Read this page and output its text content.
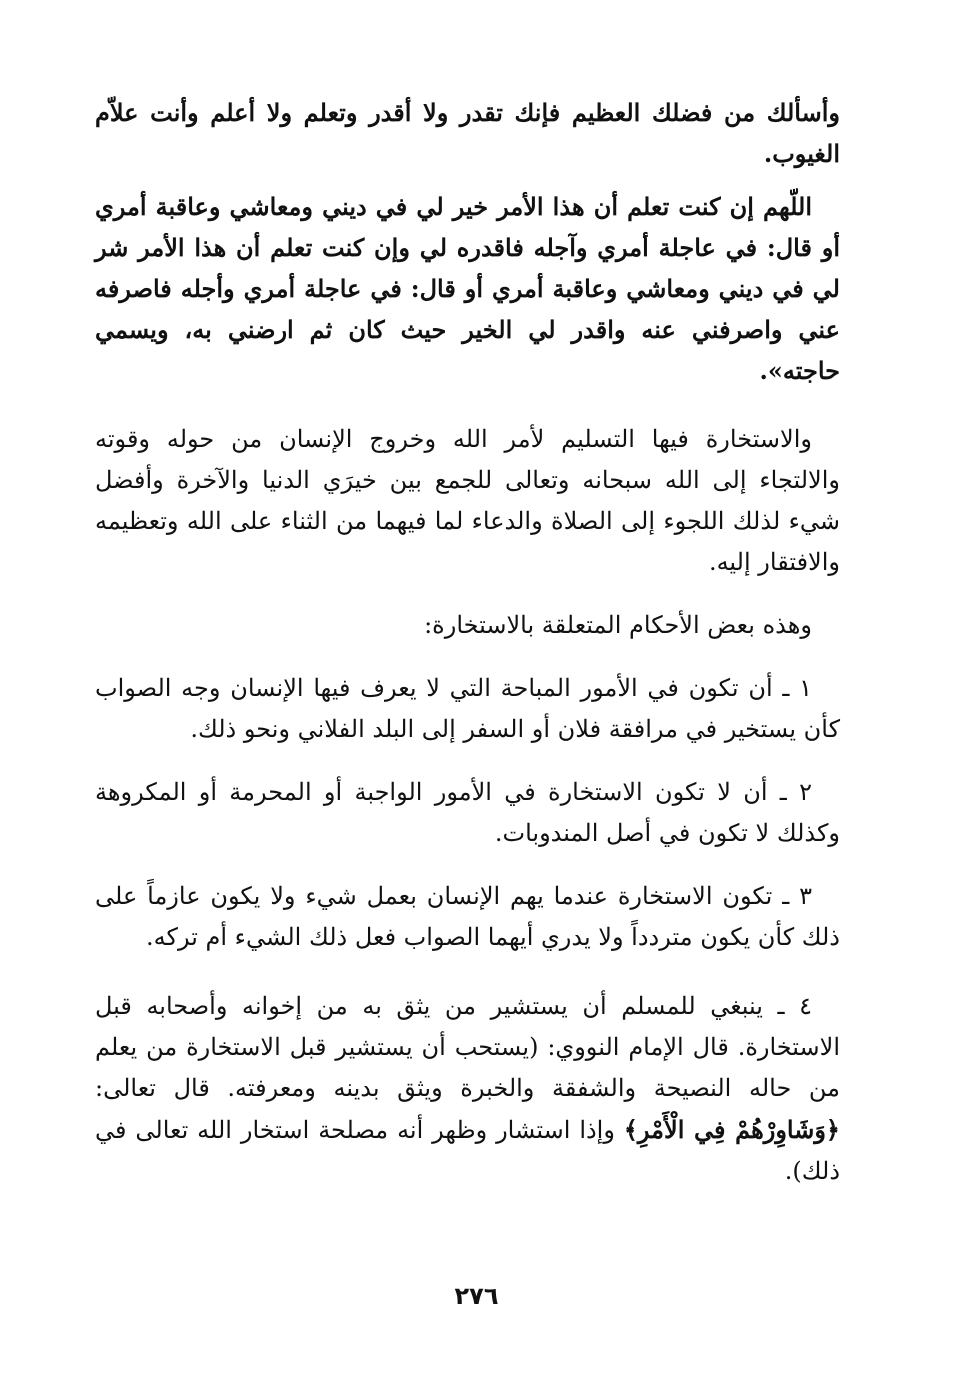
وأسألك من فضلك العظيم فإنك تقدر ولا أقدر وتعلم ولا أعلم وأنت علاّم الغيوب.

اللّهم إن كنت تعلم أن هذا الأمر خير لي في ديني ومعاشي وعاقبة أمري أو قال: في عاجلة أمري وآجله فاقدره لي وإن كنت تعلم أن هذا الأمر شر لي في ديني ومعاشي وعاقبة أمري أو قال: في عاجلة أمري وأجله فاصرفه عني واصرفني عنه واقدر لي الخير حيث كان ثم ارضني به، ويسمي حاجته».

والاستخارة فيها التسليم لأمر الله وخروج الإنسان من حوله وقوته والالتجاء إلى الله سبحانه وتعالى للجمع بين خيرَي الدنيا والآخرة وأفضل شيء لذلك اللجوء إلى الصلاة والدعاء لما فيهما من الثناء على الله وتعظيمه والافتقار إليه.

وهذه بعض الأحكام المتعلقة بالاستخارة:

١ ـ أن تكون في الأمور المباحة التي لا يعرف فيها الإنسان وجه الصواب كأن يستخير في مرافقة فلان أو السفر إلى البلد الفلاني ونحو ذلك.

٢ ـ أن لا تكون الاستخارة في الأمور الواجبة أو المحرمة أو المكروهة وكذلك لا تكون في أصل المندوبات.

٣ ـ تكون الاستخارة عندما يهم الإنسان بعمل شيء ولا يكون عازماً على ذلك كأن يكون متردداً ولا يدري أيهما الصواب فعل ذلك الشيء أم تركه.

٤ ـ ينبغي للمسلم أن يستشير من يثق به من إخوانه وأصحابه قبل الاستخارة. قال الإمام النووي: (يستحب أن يستشير قبل الاستخارة من يعلم من حاله النصيحة والشفقة والخبرة ويثق بدينه ومعرفته. قال تعالى: ﴿وَشَاوِرْهُمْ فِي الْأَمْرِ﴾ وإذا استشار وظهر أنه مصلحة استخار الله تعالى في ذلك).

٢٧٦
